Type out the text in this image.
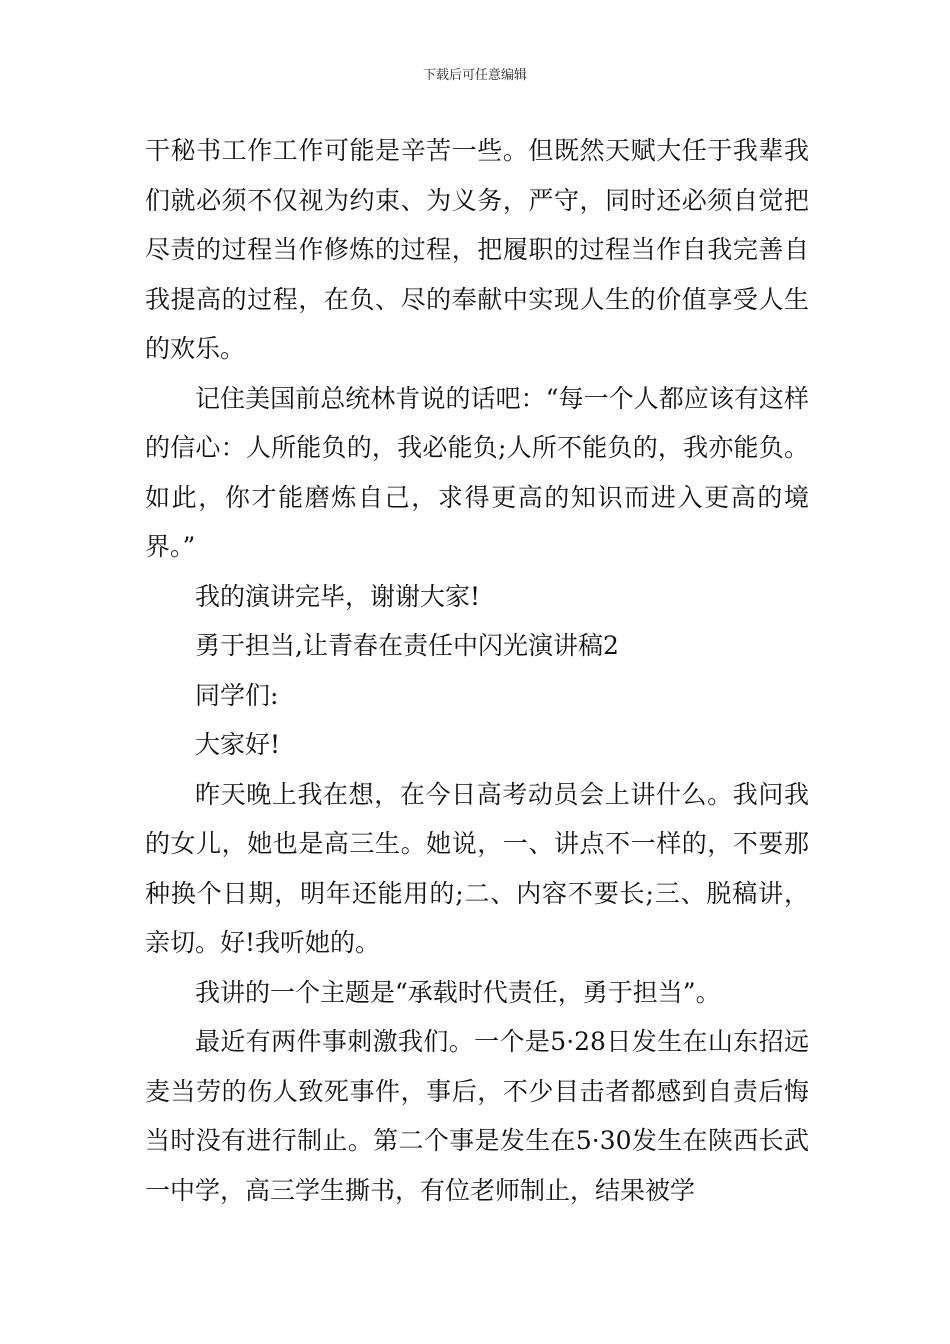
下载后可任意编辑

干秘书工作工作可能是辛苦一些。但既然天赋大任于我辈我们就必须不仅视为约束、为义务，严守，同时还必须自觉把尽责的过程当作修炼的过程，把履职的过程当作自我完善自我提高的过程，在负、尽的奉献中实现人生的价值享受人生的欢乐。

记住美国前总统林肯说的话吧：“每一个人都应该有这样的信心：人所能负的，我必能负;人所不能负的，我亦能负。如此，你才能磨炼自己，求得更高的知识而进入更高的境界。”

我的演讲完毕，谢谢大家!

勇于担当,让青春在责任中闪光演讲稿2

同学们:

大家好!

昨天晚上我在想，在今日高考动员会上讲什么。我问我的女儿，她也是高三生。她说，一、讲点不一样的，不要那种换个日期，明年还能用的;二、内容不要长;三、脱稿讲，亲切。好!我听她的。

我讲的一个主题是“承载时代责任，勇于担当”。

最近有两件事刺激我们。一个是5·28日发生在山东招远麦当劳的伤人致死事件，事后，不少目击者都感到自责后悔当时没有进行制止。第二个事是发生在5·30发生在陕西长武一中学，高三学生撕书，有位老师制止，结果被学
